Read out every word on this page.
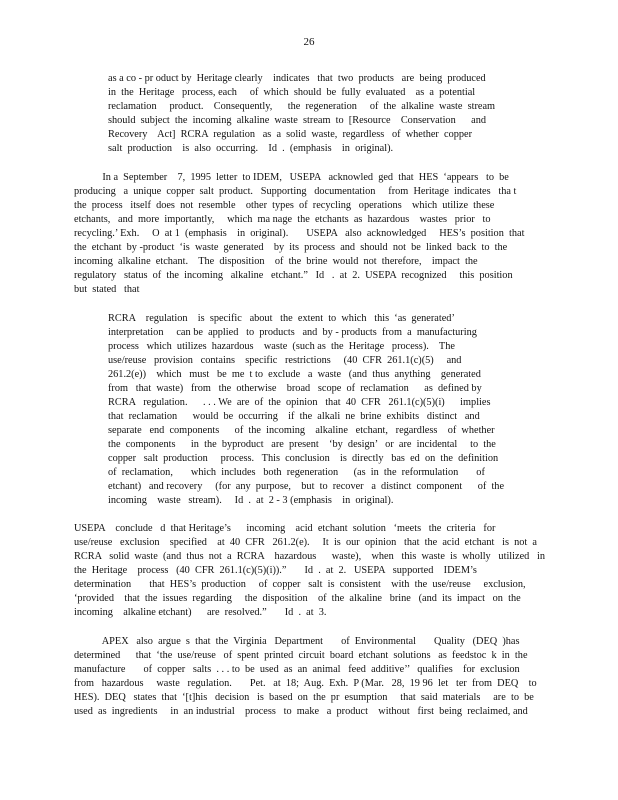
26
as a co - pr oduct by  Heritage clearly    indicates   that  two  products   are  being  produced
in  the  Heritage   process, each     of  which  should  be  fully  evaluated    as  a  potential
reclamation     product.    Consequently,      the  regeneration     of  the  alkaline  waste  stream
should  subject  the  incoming  alkaline  waste  stream  to  [Resource    Conservation      and
Recovery    Act]  RCRA  regulation   as  a  solid  waste,  regardless   of  whether  copper
salt  production    is  also  occurring.    Id  .  (emphasis    in  original).
In a  September    7,  1995  letter  to IDEM,   USEPA   acknowled  ged  that  HES  ‘appears   to  be
producing   a  unique  copper  salt  product.   Supporting   documentation     from  Heritage  indicates   tha t
the  process   itself  does  not  resemble    other  types  of  recycling   operations    which  utilize  these
etchants,   and  more  importantly,     which  ma nage  the  etchants  as  hazardous    wastes   prior   to
recycling.’ Exh.     O  at 1  (emphasis    in  original).       USEPA   also  acknowledged     HES’s  position  that
the  etchant  by -product  ‘is  waste  generated    by  its  process  and  should  not  be  linked  back  to  the
incoming  alkaline  etchant.    The  disposition    of  the  brine  would  not  therefore,    impact  the
regulatory   status  of  the  incoming   alkaline   etchant.”   Id   .  at  2.  USEPA  recognized     this  position
but  stated   that
RCRA    regulation    is  specific   about   the  extent  to  which   this  ‘as  generated’
interpretation     can be  applied   to  products   and  by - products  from  a  manufacturing
process   which  utilizes  hazardous    waste  (such as  the  Heritage   process).    The
use/reuse   provision   contains    specific   restrictions     (40  CFR  261.1(c)(5)     and
261.2(e))    which   must   be  me  t to  exclude   a  waste   (and  thus  anything    generated
from   that  waste)   from   the  otherwise    broad   scope  of  reclamation      as  defined by
RCRA   regulation.      . . . We  are  of  the  opinion   that  40  CFR   261.1(c)(5)(i)      implies
that  reclamation      would  be  occurring    if  the  alkali  ne  brine  exhibits   distinct   and
separate   end  components      of  the  incoming    alkaline   etchant,   regardless    of  whether
the  components      in  the  byproduct   are  present    ‘by  design’   or  are  incidental     to  the
copper   salt  production     process.   This  conclusion    is  directly   bas  ed  on  the  definition
of  reclamation,       which  includes   both  regeneration      (as  in  the  reformulation       of
etchant)   and recovery     (for  any  purpose,    but  to  recover   a  distinct  component      of  the
incoming    waste   stream).     Id  .  at  2 - 3 (emphasis    in  original).
USEPA    conclude   d  that Heritage’s      incoming    acid  etchant  solution   ‘meets   the  criteria   for
use/reuse   exclusion    specified    at  40  CFR   261.2(e).     It  is  our  opinion   that  the  acid  etchant   is  not  a
RCRA   solid  waste  (and  thus  not  a  RCRA    hazardous      waste),    when   this  waste  is  wholly   utilized   in
the  Heritage    process   (40  CFR  261.1(c)(5)(i)).”       Id  .  at  2.   USEPA   supported    IDEM’s
determination       that  HES’s  production     of  copper   salt  is  consistent    with  the  use/reuse     exclusion,
‘provided    that  the  issues  regarding     the  disposition    of  the  alkaline   brine   (and  its  impact   on  the
incoming    alkaline etchant)      are  resolved.”       Id  .  at  3.
APEX   also  argue  s  that  the  Virginia   Department       of  Environmental       Quality   (DEQ  )has
determined      that  ‘the  use/reuse   of  spent  printed  circuit  board  etchant  solutions   as  feedstoc  k  in  the
manufacture       of  copper   salts  . . . to  be  used  as  an  animal   feed  additive’’   qualifies    for  exclusion
from   hazardous     waste   regulation.       Pet.   at  18;  Aug.  Exh.  P (Mar.   28,  19 96  let   ter  from  DEQ    to
HES).  DEQ   states  that  ‘[t]his   decision   is  based  on  the  pr  esumption     that  said  materials     are  to  be
used  as  ingredients     in  an industrial    process   to  make   a  product    without   first  being  reclaimed, and
